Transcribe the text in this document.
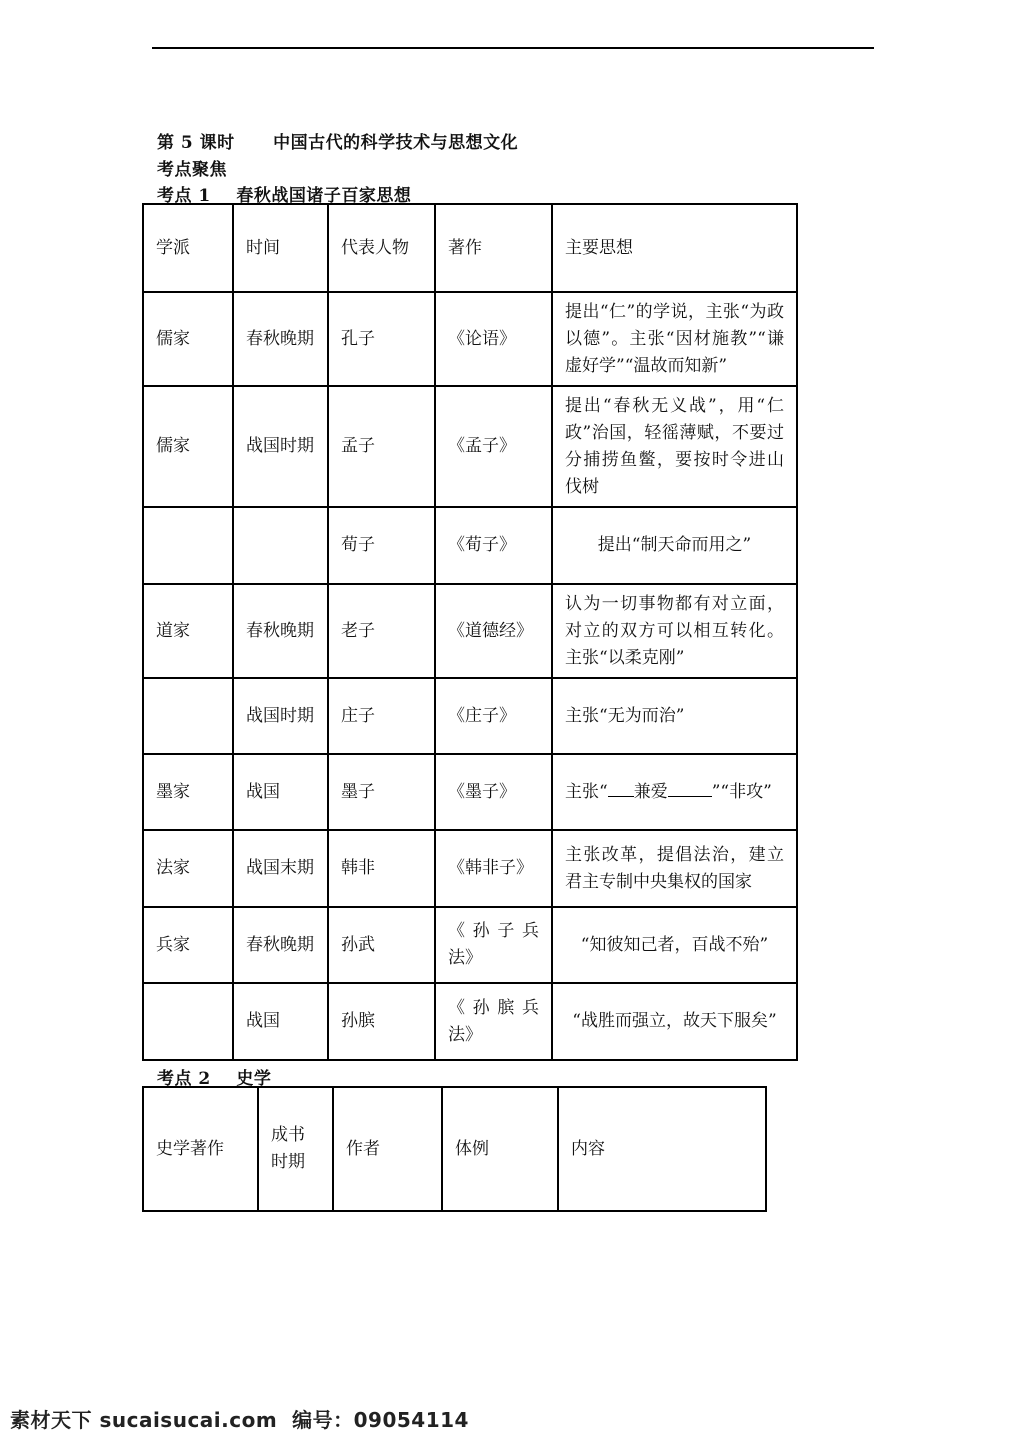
第 5 课时      中国古代的科学技术与思想文化
考点聚焦
考点 1    春秋战国诸子百家思想
学派	时间	代表人物	著作	主要思想
儒家	春秋晚期	孔子	《论语》	提出“仁”的学说，主张“为政以德”。主张“因材施教”“谦虚好学”“温故而知新”
儒家	战国时期	孟子	《孟子》	提出“春秋无义战”，用“仁政”治国，轻徭薄赋，不要过分捕捞鱼鳖，要按时令进山伐树
		荀子	《荀子》	提出“制天命而用之”
道家	春秋晚期	老子	《道德经》	认为一切事物都有对立面，对立的双方可以相互转化。主张“以柔克刚”
	战国时期	庄子	《庄子》	主张“无为而治”
墨家	战国	墨子	《墨子》	主张“ 兼爱 ”“非攻”
法家	战国末期	韩非	《韩非子》	主张改革，提倡法治，建立君主专制中央集权的国家
兵家	春秋晚期	孙武	《孙子兵法》	“知彼知己者，百战不殆”
	战国	孙膑	《孙膑兵法》	“战胜而强立，故天下服矣”
考点 2    史学
史学著作	成书时期	作者	体例	内容
素材天下 sucaisucai.com  编号：09054114
